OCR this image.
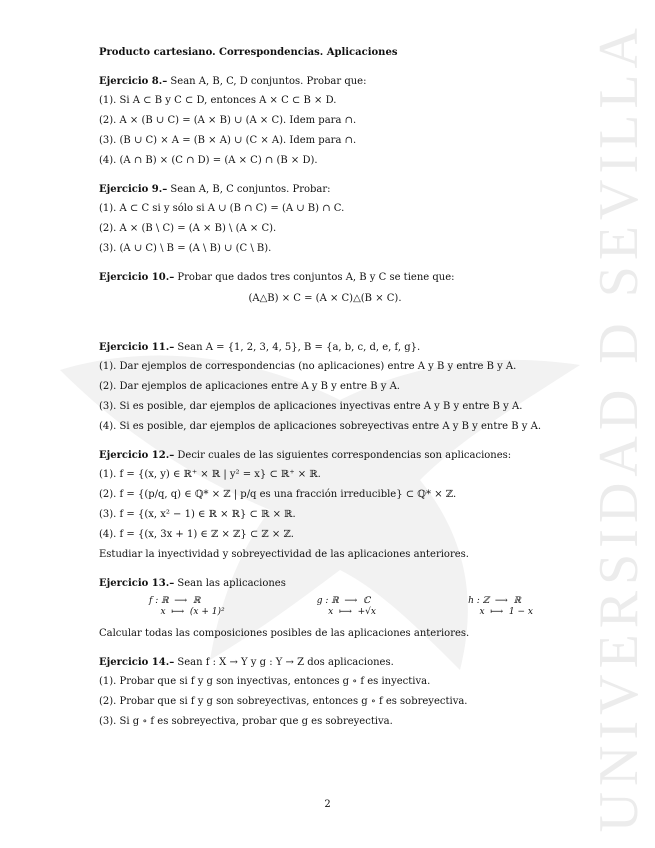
UNIVERSIDAD D SEVILLA
Producto cartesiano. Correspondencias. Aplicaciones
Ejercicio 8.– Sean A, B, C, D conjuntos. Probar que:
(1). Si A ⊂ B y C ⊂ D, entonces A × C ⊂ B × D.
(2). A × (B ∪ C) = (A × B) ∪ (A × C). Idem para ∩.
(3). (B ∪ C) × A = (B × A) ∪ (C × A). Idem para ∩.
(4). (A ∩ B) × (C ∩ D) = (A × C) ∩ (B × D).
Ejercicio 9.– Sean A, B, C conjuntos. Probar:
(1). A ⊂ C si y sólo si A ∪ (B ∩ C) = (A ∪ B) ∩ C.
(2). A × (B \ C) = (A × B) \ (A × C).
(3). (A ∪ C) \ B = (A \ B) ∪ (C \ B).
Ejercicio 10.– Probar que dados tres conjuntos A, B y C se tiene que:
(A△B) × C = (A × C)△(B × C).
Ejercicio 11.– Sean A = {1, 2, 3, 4, 5}, B = {a, b, c, d, e, f, g}.
(1). Dar ejemplos de correspondencias (no aplicaciones) entre A y B y entre B y A.
(2). Dar ejemplos de aplicaciones entre A y B y entre B y A.
(3). Si es posible, dar ejemplos de aplicaciones inyectivas entre A y B y entre B y A.
(4). Si es posible, dar ejemplos de aplicaciones sobreyectivas entre A y B y entre B y A.
Ejercicio 12.– Decir cuales de las siguientes correspondencias son aplicaciones:
(1). f = {(x, y) ∈ ℝ⁺ × ℝ | y² = x} ⊂ ℝ⁺ × ℝ.
(2). f = {(p/q, q) ∈ ℚ* × ℤ | p/q es una fracción irreducible} ⊂ ℚ* × ℤ.
(3). f = {(x, x² − 1) ∈ ℝ × ℝ} ⊂ ℝ × ℝ.
(4). f = {(x, 3x + 1) ∈ ℤ × ℤ} ⊂ ℤ × ℤ.
Estudiar la inyectividad y sobreyectividad de las aplicaciones anteriores.
Ejercicio 13.– Sean las aplicaciones
f : ℝ  ⟶  ℝ
x  ⟼  (x + 1)²
g : ℝ  ⟶  ℂ
x  ⟼  +√x
h : ℤ  ⟶  ℝ
x  ⟼  1 − x
Calcular todas las composiciones posibles de las aplicaciones anteriores.
Ejercicio 14.– Sean f : X → Y y g : Y → Z dos aplicaciones.
(1). Probar que si f y g son inyectivas, entonces g ∘ f es inyectiva.
(2). Probar que si f y g son sobreyectivas, entonces g ∘ f es sobreyectiva.
(3). Si g ∘ f es sobreyectiva, probar que g es sobreyectiva.
2
